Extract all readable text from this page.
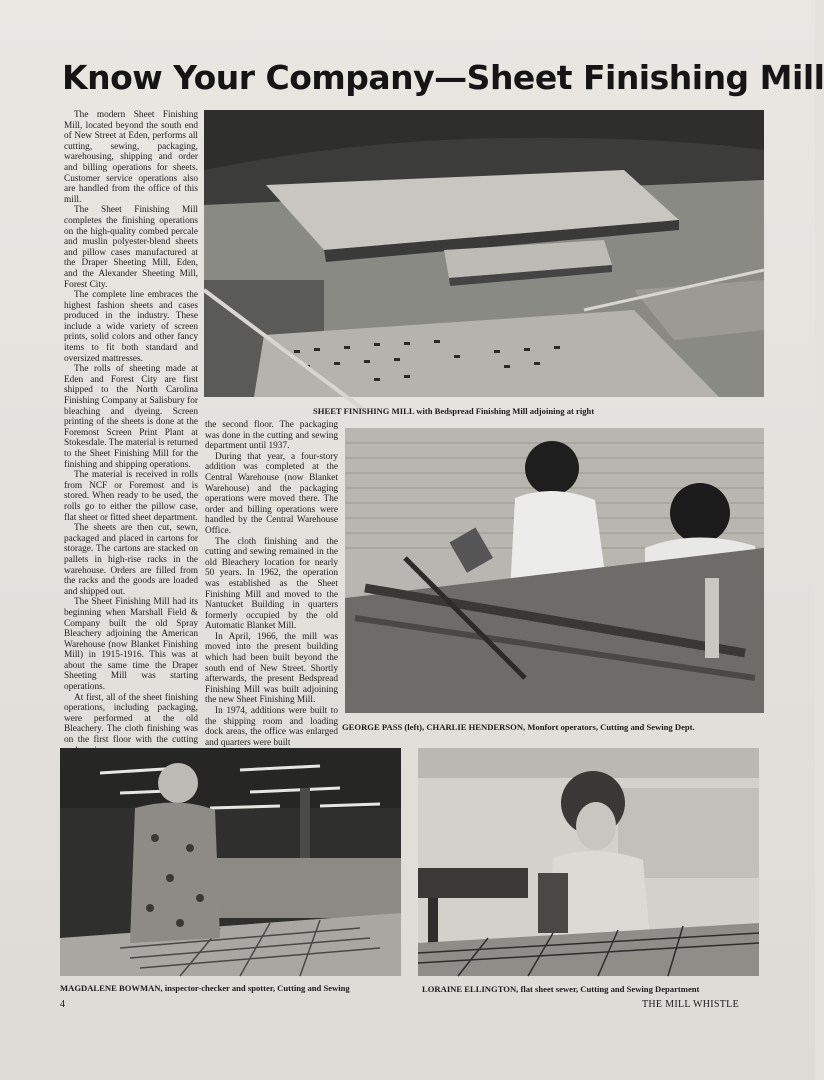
Know Your Company—Sheet Finishing Mill

The modern Sheet Finishing Mill, located beyond the south end of New Street at Eden, performs all cutting, sewing, packaging, warehousing, shipping and order and billing operations for sheets. Customer service operations also are handled from the office of this mill.

The Sheet Finishing Mill completes the finishing operations on the high-quality combed percale and muslin polyester-blend sheets and pillow cases manufactured at the Draper Sheeting Mill, Eden, and the Alexander Sheeting Mill, Forest City.

The complete line embraces the highest fashion sheets and cases produced in the industry. These include a wide variety of screen prints, solid colors and other fancy items to fit both standard and oversized mattresses.

The rolls of sheeting made at Eden and Forest City are first shipped to the North Carolina Finishing Company at Salisbury for bleaching and dyeing. Screen printing of the sheets is done at the Foremost Screen Print Plant at Stokesdale. The material is returned to the Sheet Finishing Mill for the finishing and shipping operations.

The material is received in rolls from NCF or Foremost and is stored. When ready to be used, the rolls go to either the pillow case, flat sheet or fitted sheet department.

The sheets are then cut, sewn, packaged and placed in cartons for storage. The cartons are stacked on pallets in high-rise racks in the warehouse. Orders are filled from the racks and the goods are loaded and shipped out.

The Sheet Finishing Mill had its beginning when Marshall Field & Company built the old Spray Bleachery adjoining the American Warehouse (now Blanket Finishing Mill) in 1915-1916. This was at about the same time the Draper Sheeting Mill was starting operations.

At first, all of the sheet finishing operations, including packaging, were performed at the old Bleachery. The cloth finishing was on the first floor with the cutting

the second floor. The packaging was done in the cutting and sewing department until 1937.

During that year, a four-story addition was completed at the Central Warehouse (now Blanket Warehouse) and the packaging operations were moved there. The order and billing operations were handled by the Central Warehouse Office.

The cloth finishing and the cutting and sewing remained in the old Bleachery location for nearly 50 years. In 1962, the operation was established as the Sheet Finishing Mill and moved to the Nantucket Building in quarters formerly occupied by the old Automatic Blanket Mill.

In April, 1966, the mill was moved into the present building which had been built beyond the south end of New Street. Shortly afterwards, the present Bedspread Finishing Mill was built adjoining the new Sheet Finishing Mill.

In 1974, additions were built to the shipping room and loading dock areas, the office was enlarged and quarters were built

SHEET FINISHING MILL with Bedspread Finishing Mill adjoining at right
GEORGE PASS (left), CHARLIE HENDERSON, Monfort operators, Cutting and Sewing Dept.
MAGDALENE BOWMAN, inspector-checker and spotter, Cutting and Sewing	LORAINE ELLINGTON, flat sheet sewer, Cutting and Sewing Department
4	THE MILL WHISTLE
